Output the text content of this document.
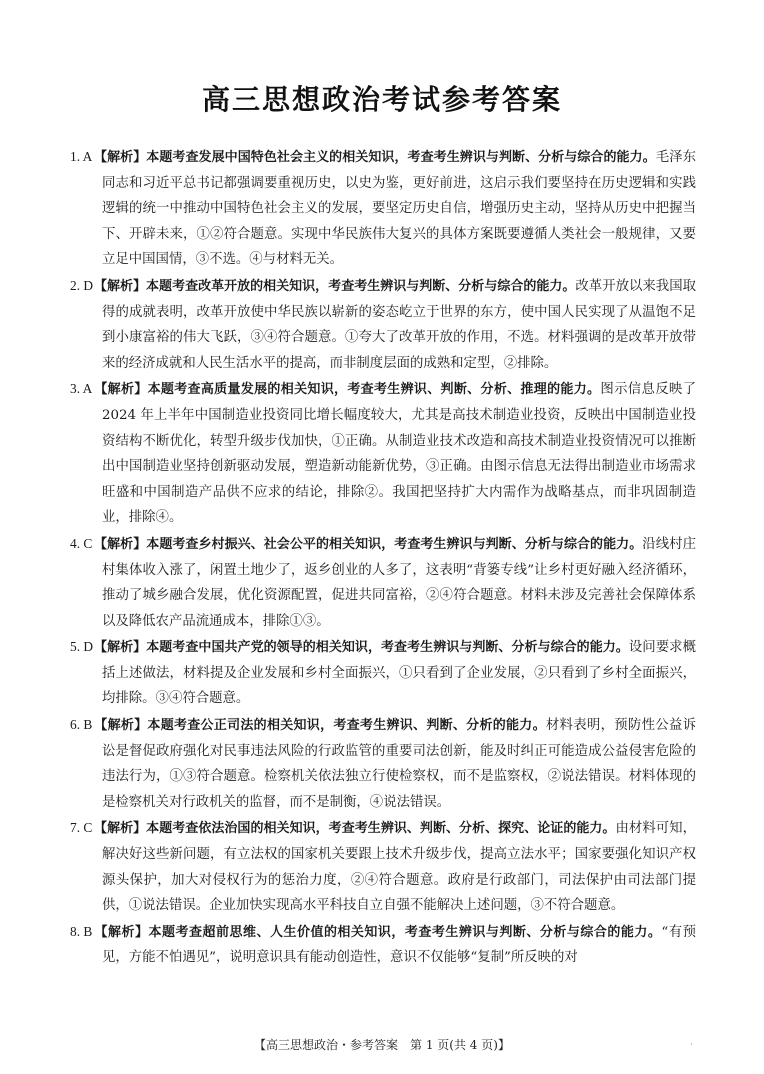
高三思想政治考试参考答案

1. A 【解析】本题考查发展中国特色社会主义的相关知识，考查考生辨识与判断、分析与综合的能力。毛泽东同志和习近平总书记都强调要重视历史，以史为鉴，更好前进，这启示我们要坚持在历史逻辑和实践逻辑的统一中推动中国特色社会主义的发展，要坚定历史自信，增强历史主动，坚持从历史中把握当下、开辟未来，①②符合题意。实现中华民族伟大复兴的具体方案既要遵循人类社会一般规律，又要立足中国国情，③不选。④与材料无关。

2. D【解析】本题考查改革开放的相关知识，考查考生辨识与判断、分析与综合的能力。改革开放以来我国取得的成就表明，改革开放使中华民族以崭新的姿态屹立于世界的东方，使中国人民实现了从温饱不足到小康富裕的伟大飞跃，③④符合题意。①夸大了改革开放的作用，不选。材料强调的是改革开放带来的经济成就和人民生活水平的提高，而非制度层面的成熟和定型，②排除。

3. A 【解析】本题考查高质量发展的相关知识，考查考生辨识、判断、分析、推理的能力。图示信息反映了 2024 年上半年中国制造业投资同比增长幅度较大，尤其是高技术制造业投资，反映出中国制造业投资结构不断优化，转型升级步伐加快，①正确。从制造业技术改造和高技术制造业投资情况可以推断出中国制造业坚持创新驱动发展，塑造新动能新优势，③正确。由图示信息无法得出制造业市场需求旺盛和中国制造产品供不应求的结论，排除②。我国把坚持扩大内需作为战略基点，而非巩固制造业，排除④。

4. C 【解析】本题考查乡村振兴、社会公平的相关知识，考查考生辨识与判断、分析与综合的能力。沿线村庄村集体收入涨了，闲置土地少了，返乡创业的人多了，这表明“背篓专线”让乡村更好融入经济循环，推动了城乡融合发展，优化资源配置，促进共同富裕，②④符合题意。材料未涉及完善社会保障体系以及降低农产品流通成本，排除①③。

5. D【解析】本题考查中国共产党的领导的相关知识，考查考生辨识与判断、分析与综合的能力。设问要求概括上述做法，材料提及企业发展和乡村全面振兴，①只看到了企业发展，②只看到了乡村全面振兴，均排除。③④符合题意。

6. B 【解析】本题考查公正司法的相关知识，考查考生辨识、判断、分析的能力。材料表明，预防性公益诉讼是督促政府强化对民事违法风险的行政监管的重要司法创新，能及时纠正可能造成公益侵害危险的违法行为，①③符合题意。检察机关依法独立行使检察权，而不是监察权，②说法错误。材料体现的是检察机关对行政机关的监督，而不是制衡，④说法错误。

7. C 【解析】本题考查依法治国的相关知识，考查考生辨识、判断、分析、探究、论证的能力。由材料可知，解决好这些新问题，有立法权的国家机关要跟上技术升级步伐，提高立法水平；国家要强化知识产权源头保护，加大对侵权行为的惩治力度，②④符合题意。政府是行政部门，司法保护由司法部门提供，①说法错误。企业加快实现高水平科技自立自强不能解决上述问题，③不符合题意。

8. B 【解析】本题考查超前思维、人生价值的相关知识，考查考生辨识与判断、分析与综合的能力。“有预见，方能不怕遇见”，说明意识具有能动创造性，意识不仅能够“复制”所反映的对

【高三思想政治・参考答案　第 1 页(共 4 页)】	·
